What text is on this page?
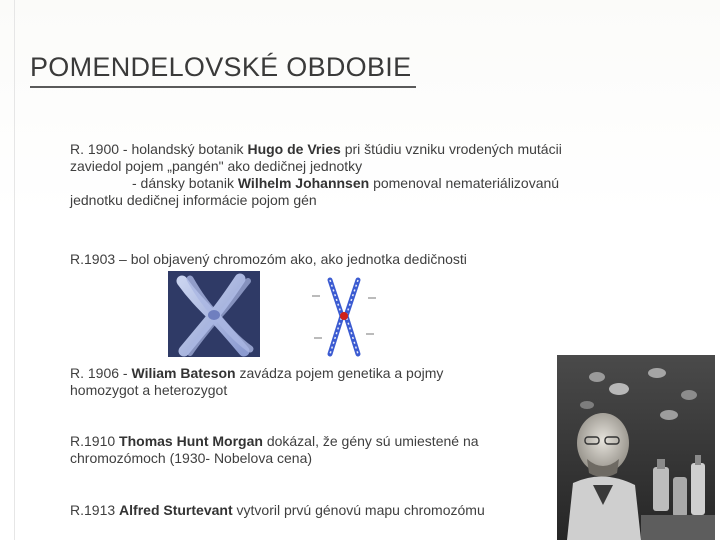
POMENDELOVSKÉ OBDOBIE
R. 1900 - holandský botanik Hugo de Vries pri štúdiu vzniku vrodených mutácii
zaviedol pojem „pangén" ako dedičnej jednotky
- dánsky botanik Wilhelm Johannsen pomenoval nemateriálizovanú
jednotku dedičnej informácie pojom gén
R.1903 – bol objavený chromozóm ako, ako jednotka dedičnosti
R. 1906 - Wiliam Bateson zavádza pojem genetika a pojmy
homozygot a heterozygot
R.1910 Thomas Hunt Morgan dokázal, že gény sú umiestené na
chromozómoch (1930- Nobelova cena)
R.1913 Alfred Sturtevant vytvoril prvú génovú mapu chromozómu
